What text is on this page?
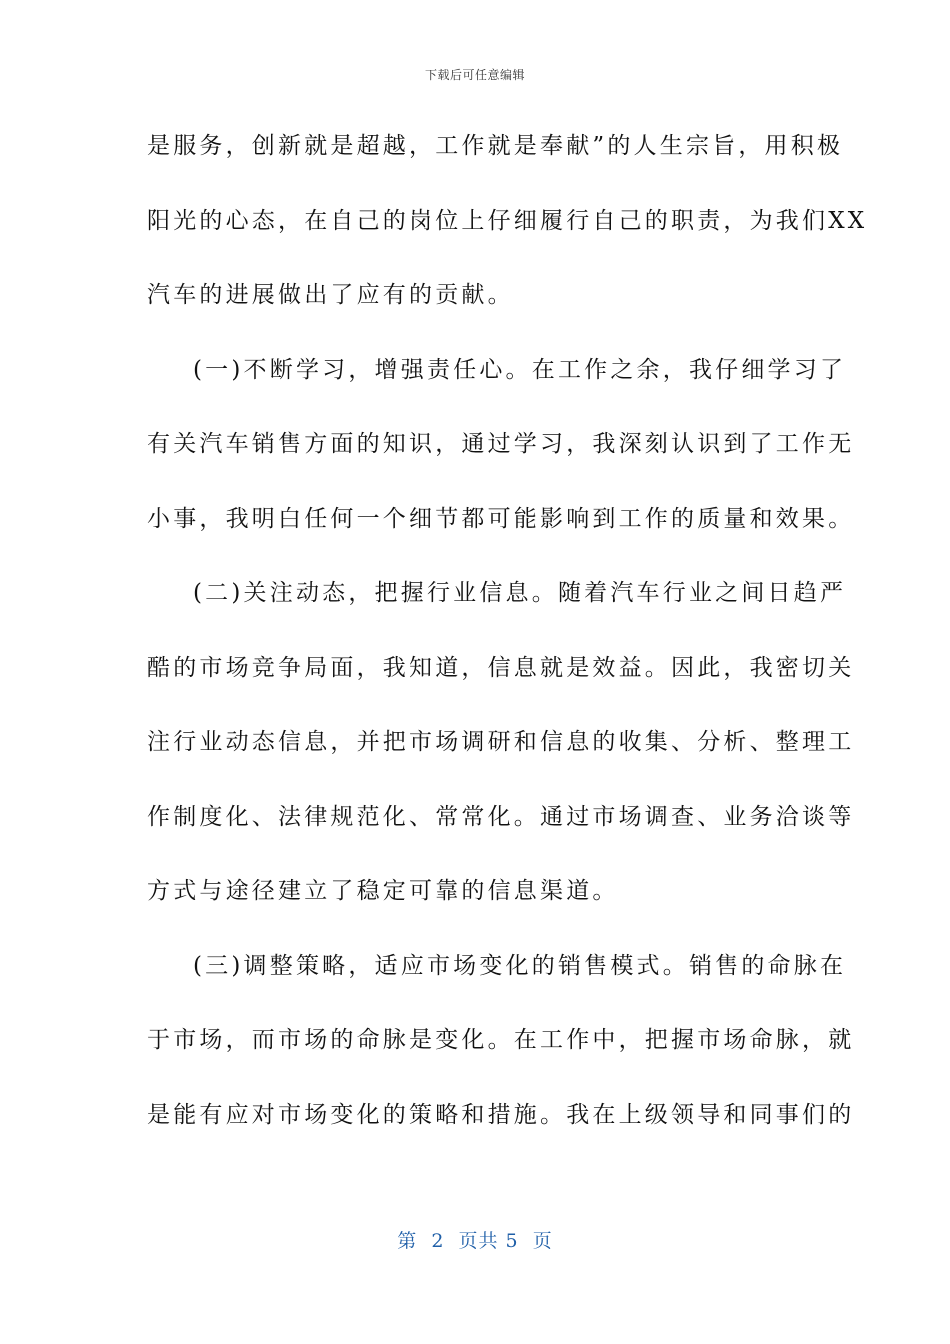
下载后可任意编辑
是服务，创新就是超越，工作就是奉献”的人生宗旨，用积极
阳光的心态，在自己的岗位上仔细履行自己的职责，为我们XX
汽车的进展做出了应有的贡献。
(一)不断学习，增强责任心。在工作之余，我仔细学习了
有关汽车销售方面的知识，通过学习，我深刻认识到了工作无
小事，我明白任何一个细节都可能影响到工作的质量和效果。
(二)关注动态，把握行业信息。随着汽车行业之间日趋严
酷的市场竞争局面，我知道，信息就是效益。因此，我密切关
注行业动态信息，并把市场调研和信息的收集、分析、整理工
作制度化、法律规范化、常常化。通过市场调查、业务洽谈等
方式与途径建立了稳定可靠的信息渠道。
(三)调整策略，适应市场变化的销售模式。销售的命脉在
于市场，而市场的命脉是变化。在工作中，把握市场命脉，就
是能有应对市场变化的策略和措施。我在上级领导和同事们的
第  2  页共 5  页
